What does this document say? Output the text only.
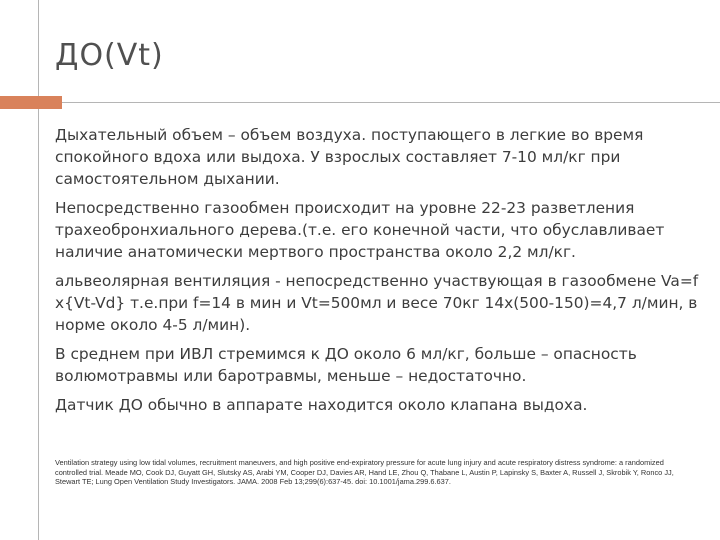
ДО(Vt)

Дыхательный объем – объем воздуха. поступающего в легкие во время спокойного вдоха или выдоха. У взрослых составляет 7-10 мл/кг при самостоятельном дыхании.

Непосредственно газообмен происходит на уровне 22-23 разветления трахеобронхиального дерева.(т.е. его конечной части, что обуславливает наличие анатомически мертвого пространства около 2,2 мл/кг.

альвеолярная вентиляция - непосредственно участвующая в газообмене Va=f x{Vt-Vd} т.е.при f=14 в мин и Vt=500мл и весе 70кг 14х(500-150)=4,7 л/мин, в норме около 4-5 л/мин).

В среднем при ИВЛ стремимся к ДО около 6 мл/кг, больше – опасность волюмотравмы или баротравмы, меньше – недостаточно.

Датчик ДО обычно в аппарате находится около клапана выдоха.

Ventilation strategy using low tidal volumes, recruitment maneuvers, and high positive end-expiratory pressure for acute lung injury and acute respiratory distress syndrome: a randomized controlled trial. Meade MO, Cook DJ, Guyatt GH, Slutsky AS, Arabi YM, Cooper DJ, Davies AR, Hand LE, Zhou Q, Thabane L, Austin P, Lapinsky S, Baxter A, Russell J, Skrobik Y, Ronco JJ, Stewart TE; Lung Open Ventilation Study Investigators. JAMA. 2008 Feb 13;299(6):637-45. doi: 10.1001/jama.299.6.637.
